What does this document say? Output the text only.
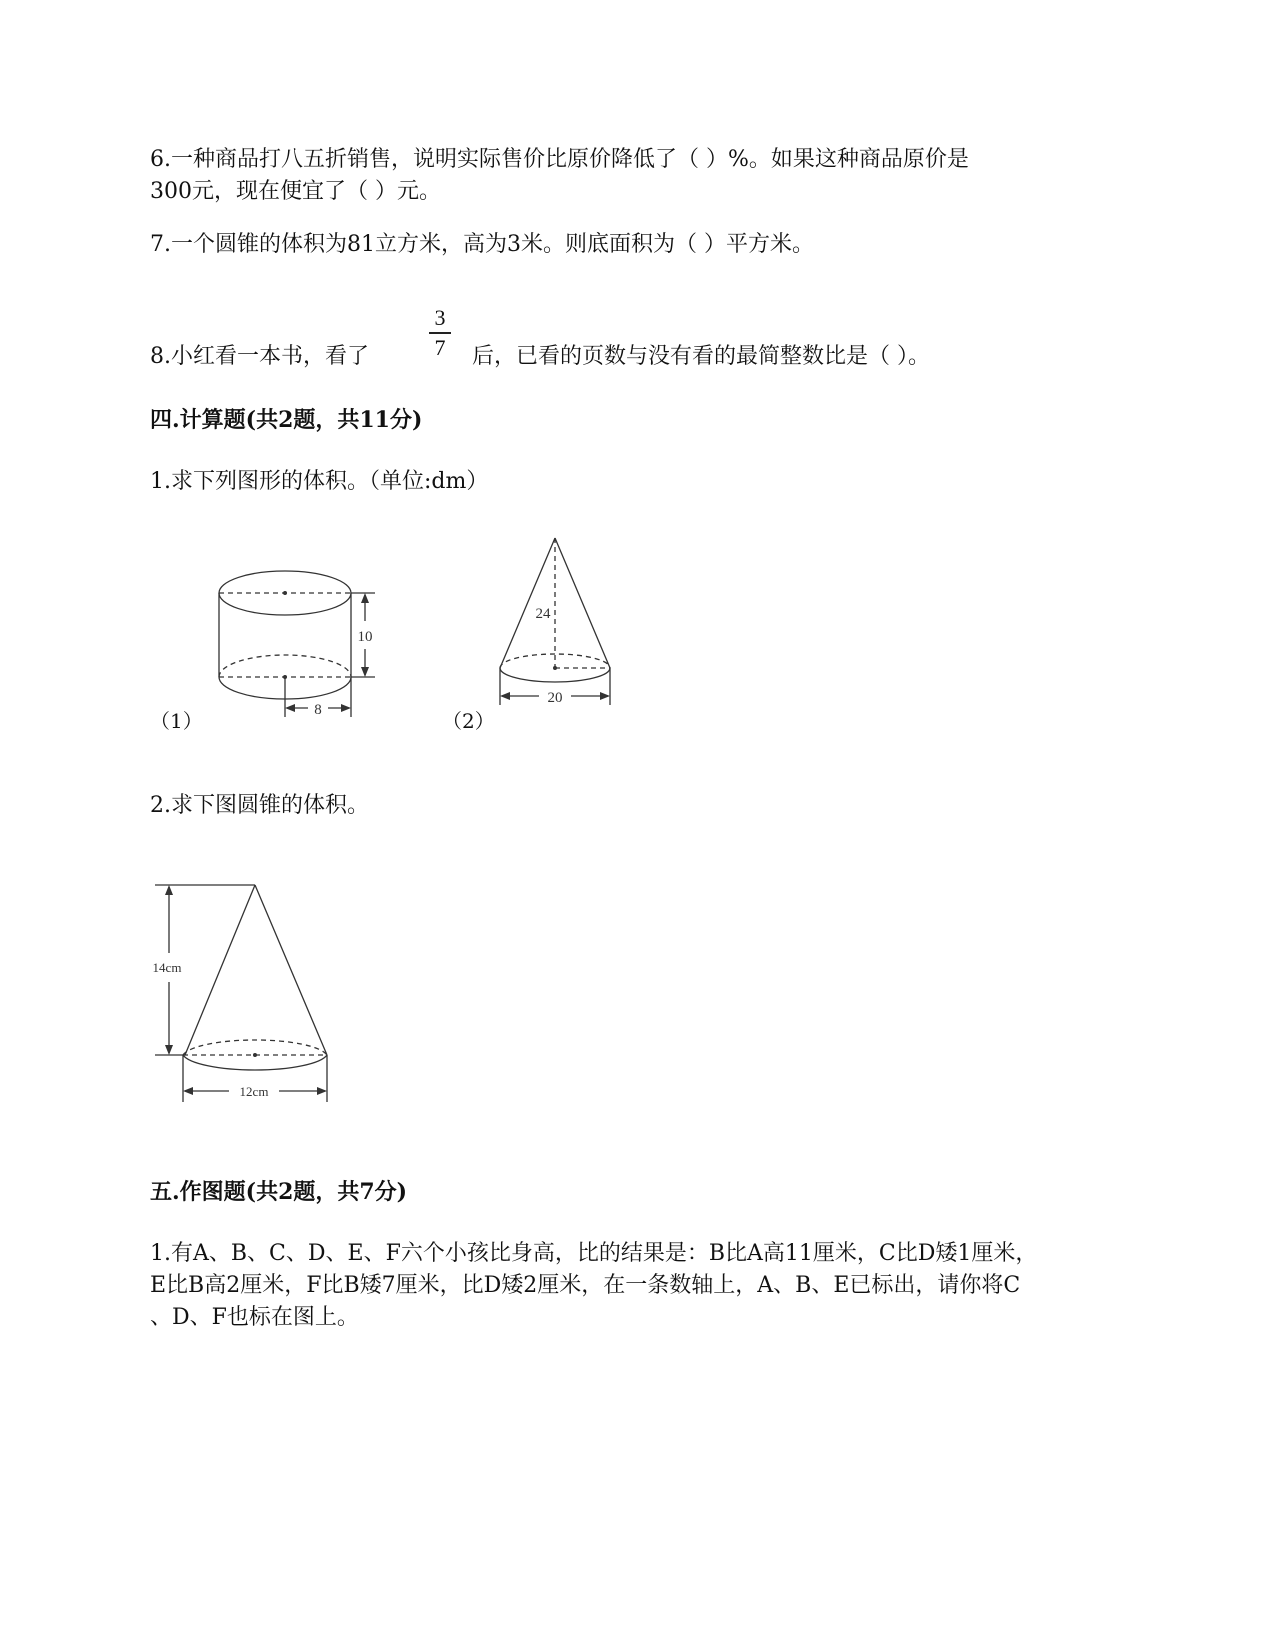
6.一种商品打八五折销售，说明实际售价比原价降低了（ ）%。如果这种商品原价是
300元，现在便宜了（ ）元。
7.一个圆锥的体积为81立方米，高为3米。则底面积为（ ）平方米。
3
7
8.小红看一本书，看了	后，已看的页数与没有看的最简整数比是（ ）。
四.计算题(共2题，共11分)
1.求下列图形的体积。（单位:dm）
10
8
（1）
24
20
（2）
2.求下图圆锥的体积。
14cm
12cm
五.作图题(共2题，共7分)
1.有A、B、C、D、E、F六个小孩比身高，比的结果是：B比A高11厘米，C比D矮1厘米，
E比B高2厘米，F比B矮7厘米，比D矮2厘米，在一条数轴上，A、B、E已标出，请你将C
、D、F也标在图上。
